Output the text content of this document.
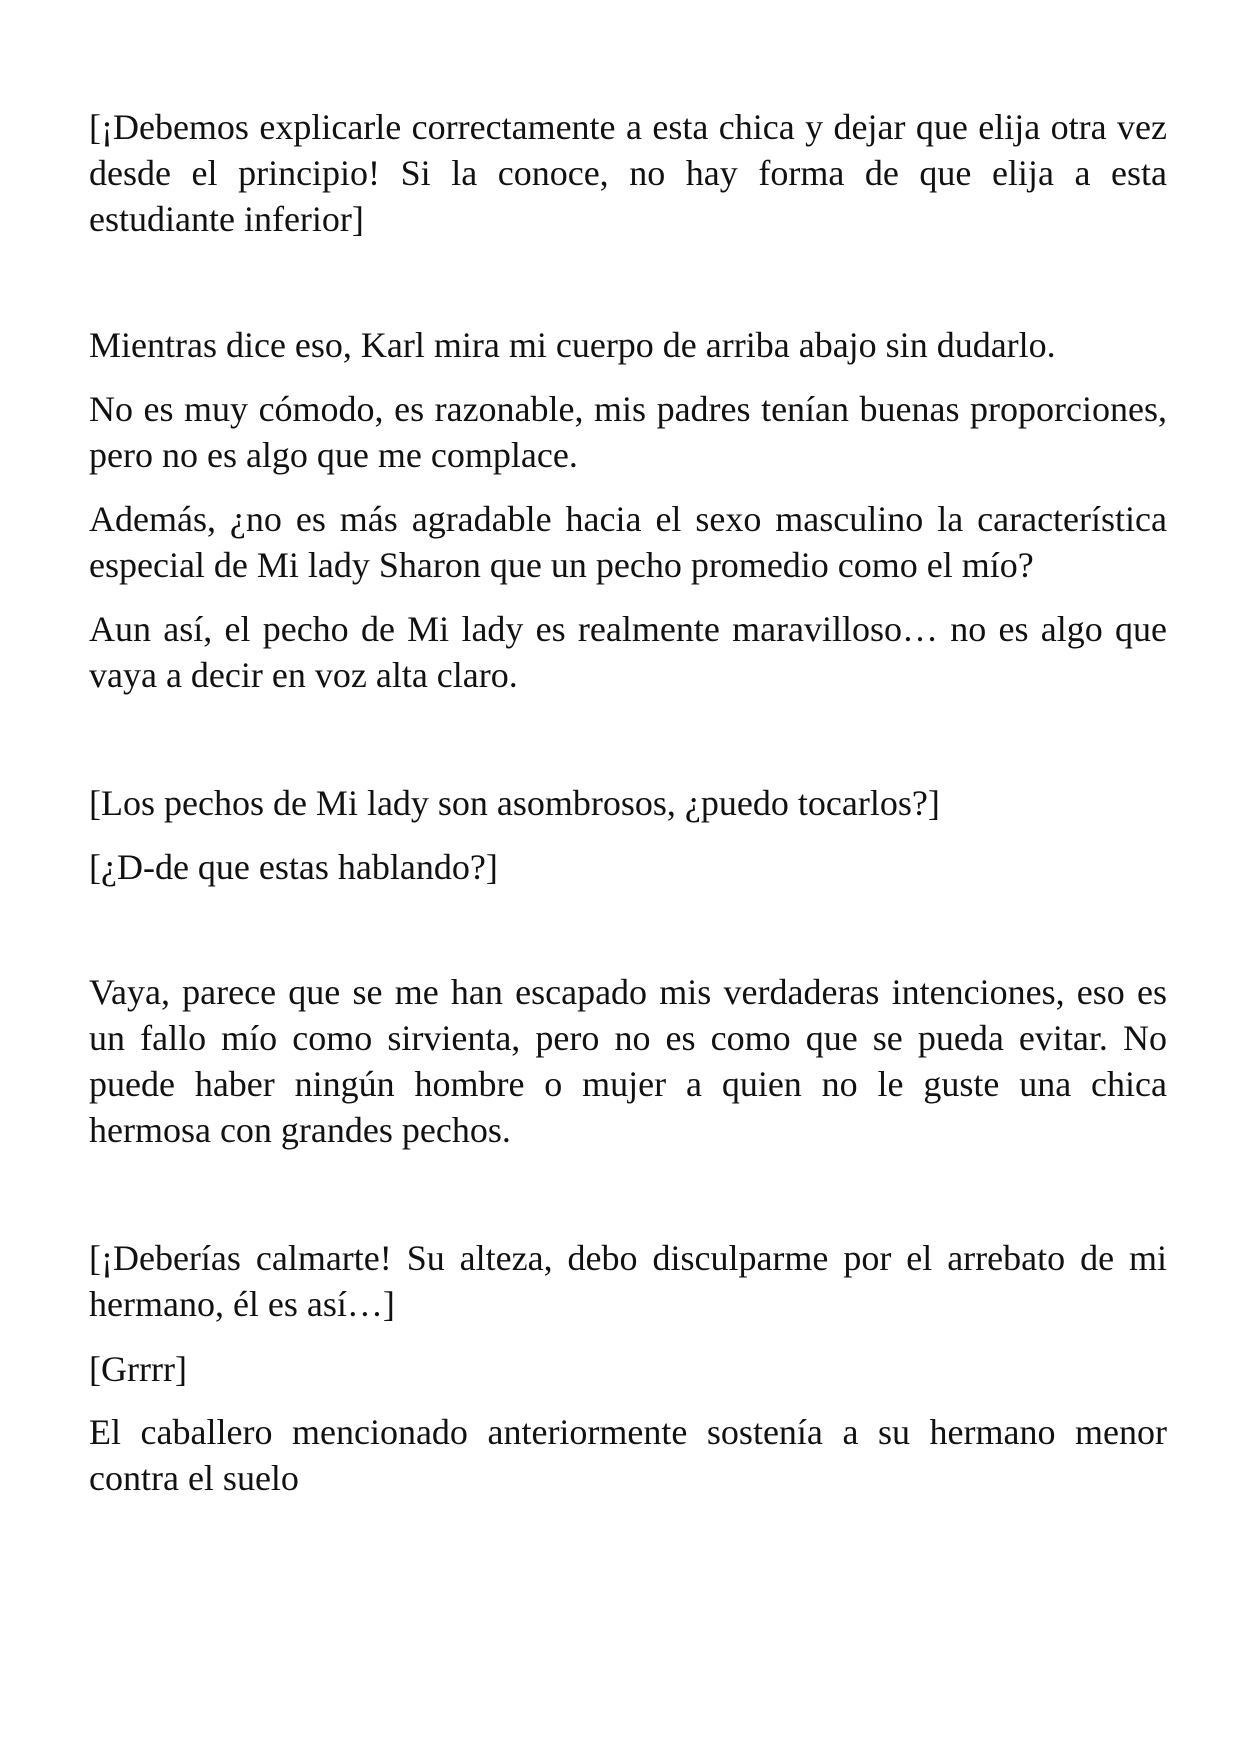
[¡Debemos explicarle correctamente a esta chica y dejar que elija otra vez desde el principio! Si la conoce, no hay forma de que elija a esta estudiante inferior]

Mientras dice eso, Karl mira mi cuerpo de arriba abajo sin dudarlo.

No es muy cómodo, es razonable, mis padres tenían buenas proporciones, pero no es algo que me complace.

Además, ¿no es más agradable hacia el sexo masculino la característica especial de Mi lady Sharon que un pecho promedio como el mío?

Aun así, el pecho de Mi lady es realmente maravilloso… no es algo que vaya a decir en voz alta claro.

[Los pechos de Mi lady son asombrosos, ¿puedo tocarlos?]

[¿D-de que estas hablando?]

Vaya, parece que se me han escapado mis verdaderas intenciones, eso es un fallo mío como sirvienta, pero no es como que se pueda evitar. No puede haber ningún hombre o mujer a quien no le guste una chica hermosa con grandes pechos.

[¡Deberías calmarte! Su alteza, debo disculparme por el arrebato de mi hermano, él es así…]

[Grrrr]

El caballero mencionado anteriormente sostenía a su hermano menor contra el suelo
